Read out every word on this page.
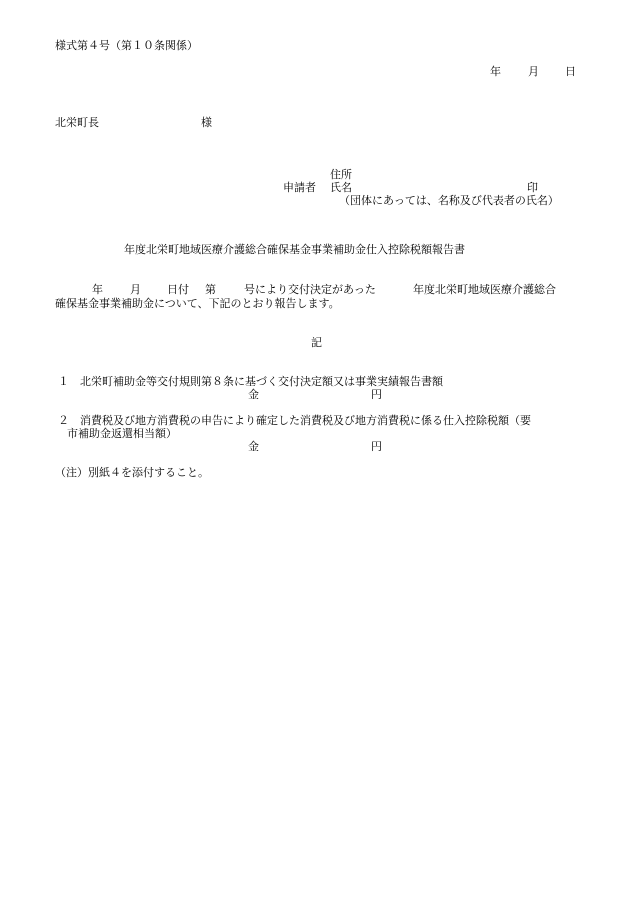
様式第４号（第１０条関係）
年 月 日
北栄町長	様
住所
申請者 氏名	印
（団体にあっては、名称及び代表者の氏名）
年度北栄町地域医療介護総合確保基金事業補助金仕入控除税額報告書
年 月 日付 第	号により交付決定があった	年度北栄町地域医療介護総合
確保基金事業補助金について、下記のとおり報告します。
記
１　北栄町補助金等交付規則第８条に基づく交付決定額又は事業実績報告書額
金	円
２　消費税及び地方消費税の申告により確定した消費税及び地方消費税に係る仕入控除税額（要
市補助金返還相当額）
金	円
（注）別紙４を添付すること。
